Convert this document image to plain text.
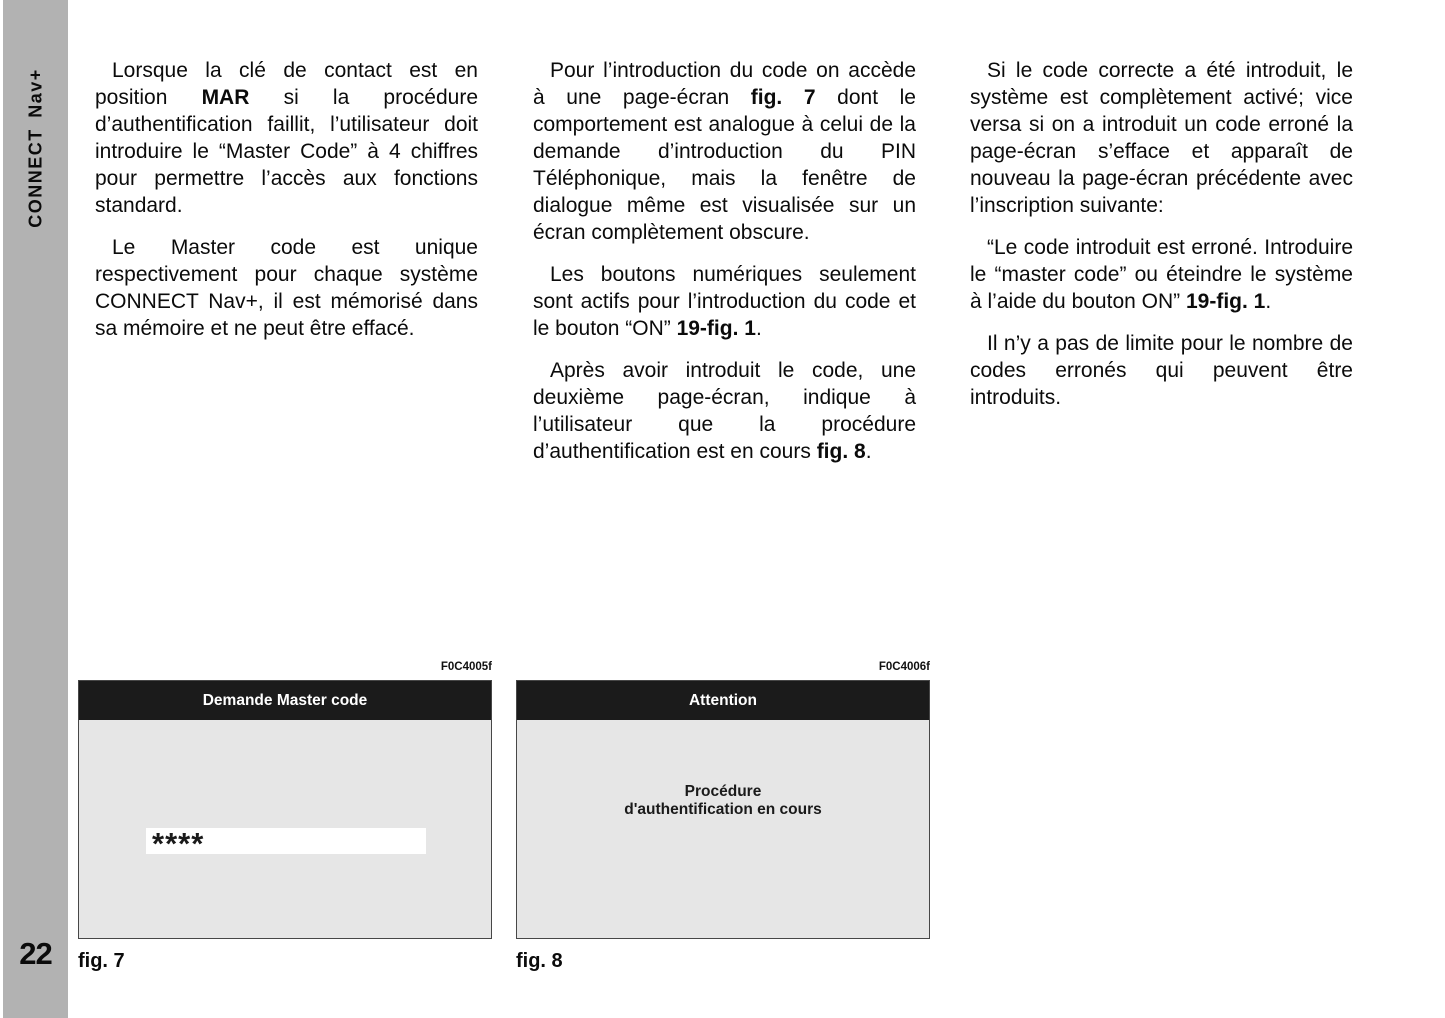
CONNECT Nav+
22

Lorsque la clé de contact est en position MAR si la procédure d’authentification faillit, l’utilisateur doit introduire le “Master Code” à 4 chiffres pour permettre l’accès aux fonctions standard.

Le Master code est unique respectivement pour chaque système CONNECT Nav+, il est mémorisé dans sa mémoire et ne peut être effacé.

Pour l’introduction du code on accède à une page-écran fig. 7 dont le comportement est analogue à celui de la demande d’introduction du PIN Téléphonique, mais la fenêtre de dialogue même est visualisée sur un écran complètement obscure.

Les boutons numériques seulement sont actifs pour l’introduction du code et le bouton “ON” 19-fig. 1.

Après avoir introduit le code, une deuxième page-écran, indique à l’utilisateur que la procédure d’authentification est en cours fig. 8.

Si le code correcte a été introduit, le système est complètement activé; vice versa si on a introduit un code erroné la page-écran s’efface et apparaît de nouveau la page-écran précédente avec l’inscription suivante:

“Le code introduit est erroné. Introduire le “master code” ou éteindre le système à l’aide du bouton ON” 19-fig. 1.

Il n’y a pas de limite pour le nombre de codes erronés qui peuvent être introduits.

F0C4005f
Demande Master code
****
fig. 7
F0C4006f
Attention
Procédure
d'authentification en cours
fig. 8
